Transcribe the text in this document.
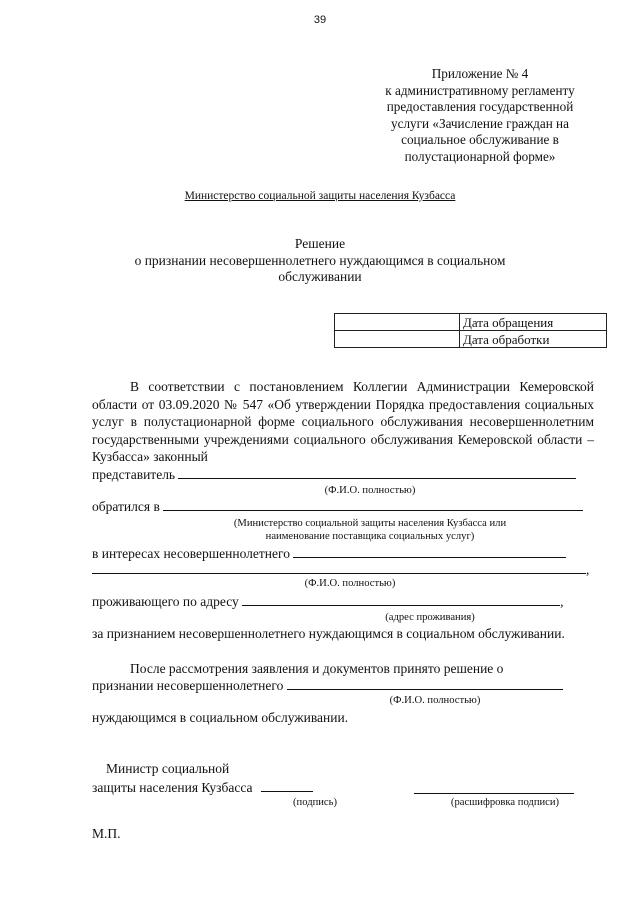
39
Приложение № 4
к административному регламенту
предоставления государственной
услуги «Зачисление граждан на
социальное обслуживание в
полустационарной форме»
Министерство социальной защиты населения Кузбасса
Решение
о признании несовершеннолетнего нуждающимся в социальном
обслуживании
	Дата обращения
	Дата обработки
В соответствии с постановлением Коллегии Администрации Кемеровской области от 03.09.2020 № 547 «Об утверждении Порядка предоставления социальных услуг в полустационарной форме социального обслуживания несовершеннолетним государственными учреждениями социального обслуживания Кемеровской области – Кузбасса» законный
представитель
(Ф.И.О. полностью)
обратился в
(Министерство социальной защиты населения Кузбасса или
наименование поставщика социальных услуг)
в интересах несовершеннолетнего
,
(Ф.И.О. полностью)
проживающего по адресу	,
(адрес проживания)
за признанием несовершеннолетнего нуждающимся в социальном обслуживании.
После рассмотрения заявления и документов принято решение о
признании несовершеннолетнего
(Ф.И.О. полностью)
нуждающимся в социальном обслуживании.
Министр социальной
защиты населения Кузбасса
(подпись)	(расшифровка подписи)
М.П.
